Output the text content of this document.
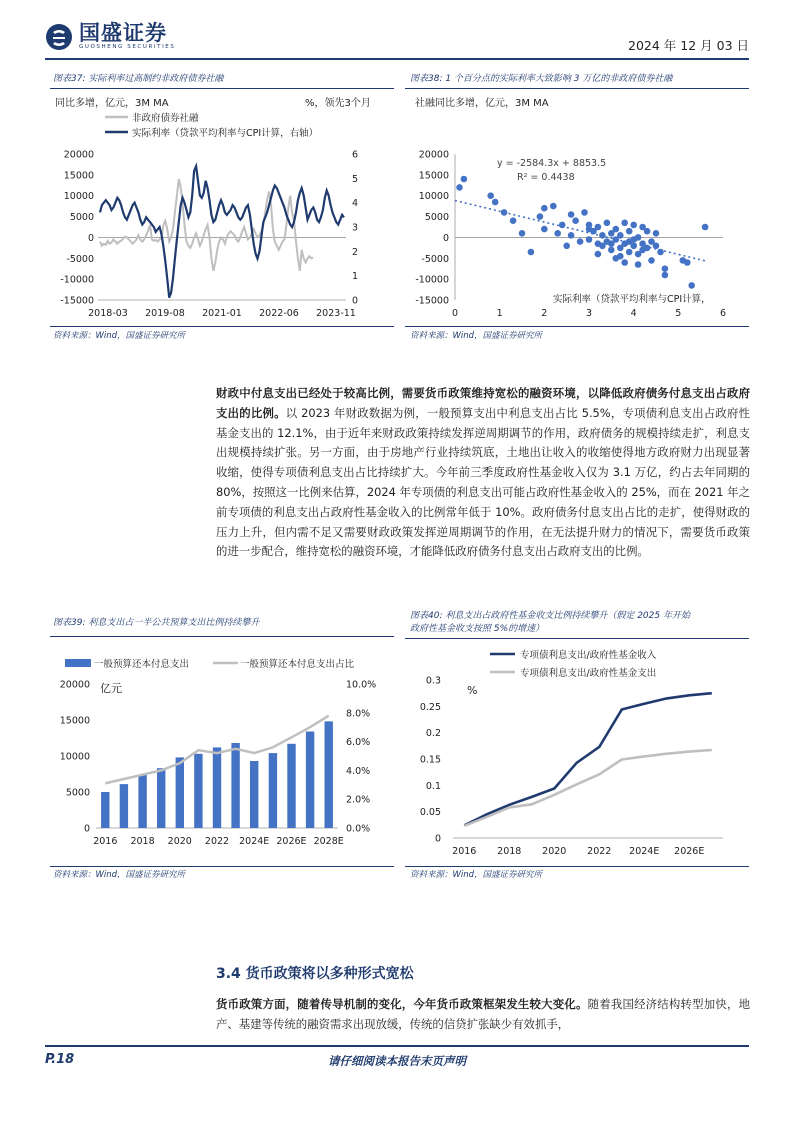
国盛证券
GUOSHENG SECURITIES	2024 年 12 月 03 日
图表37: 实际利率过高制约非政府债券社融
同比多增，亿元，3M MA	%，领先3个月
非政府债券社融
实际利率（贷款平均利率与CPI计算，右轴）
-15000
-10000
-5000
0
5000
10000
15000
20000
0
1
2
3
4
5
6
2018-03 2019-08 2021-01 2022-06 2023-11
资料来源：Wind，国盛证券研究所
图表38: 1 个百分点的实际利率大致影响 3 万亿的非政府债券社融
社融同比多增，亿元，3M MA
y = -2584.3x + 8853.5
R² = 0.4438
实际利率（贷款平均利率与CPI计算，
-15000
-10000
-5000
0
5000
10000
15000
20000
0	1	2	3	4	5	6
资料来源：Wind，国盛证券研究所
财政中付息支出已经处于较高比例，需要货币政策维持宽松的融资环境，以降低政府债务付息支出占政府支出的比例。以 2023 年财政数据为例，一般预算支出中利息支出占比 5.5%，专项债利息支出占政府性基金支出的 12.1%，由于近年来财政政策持续发挥逆周期调节的作用，政府债务的规模持续走扩，利息支出规模持续扩张。另一方面，由于房地产行业持续筑底，土地出让收入的收缩使得地方政府财力出现显著收缩，使得专项债利息支出占比持续扩大。今年前三季度政府性基金收入仅为 3.1 万亿，约占去年同期的 80%，按照这一比例来估算，2024 年专项债的利息支出可能占政府性基金收入的 25%，而在 2021 年之前专项债的利息支出占政府性基金收入的比例常年低于 10%。政府债务付息支出占比的走扩，使得财政的压力上升，但内需不足又需要财政政策发挥逆周期调节的作用，在无法提升财力的情况下，需要货币政策的进一步配合，维持宽松的融资环境，才能降低政府债务付息支出占政府支出的比例。
图表39: 利息支出占一半公共预算支出比例持续攀升
一般预算还本付息支出	一般预算还本付息支出占比
亿元
0
5000
10000
15000
20000
0.0%
2.0%
4.0%
6.0%
8.0%
10.0%
2016 2018 2020 2022 2024E 2026E 2028E
资料来源：Wind，国盛证券研究所
图表40: 利息支出占政府性基金收支比例持续攀升（假定 2025 年开始
政府性基金收支按照 5%的增速）
专项债利息支出/政府性基金收入
专项债利息支出/政府性基金支出
%
0
0.05
0.1
0.15
0.2
0.25
0.3
2016 2018 2020 2022 2024E 2026E
资料来源：Wind，国盛证券研究所
3.4 货币政策将以多种形式宽松
货币政策方面，随着传导机制的变化，今年货币政策框架发生较大变化。随着我国经济结构转型加快，地产、基建等传统的融资需求出现放缓，传统的信贷扩张缺少有效抓手，
P.18	请仔细阅读本报告末页声明
